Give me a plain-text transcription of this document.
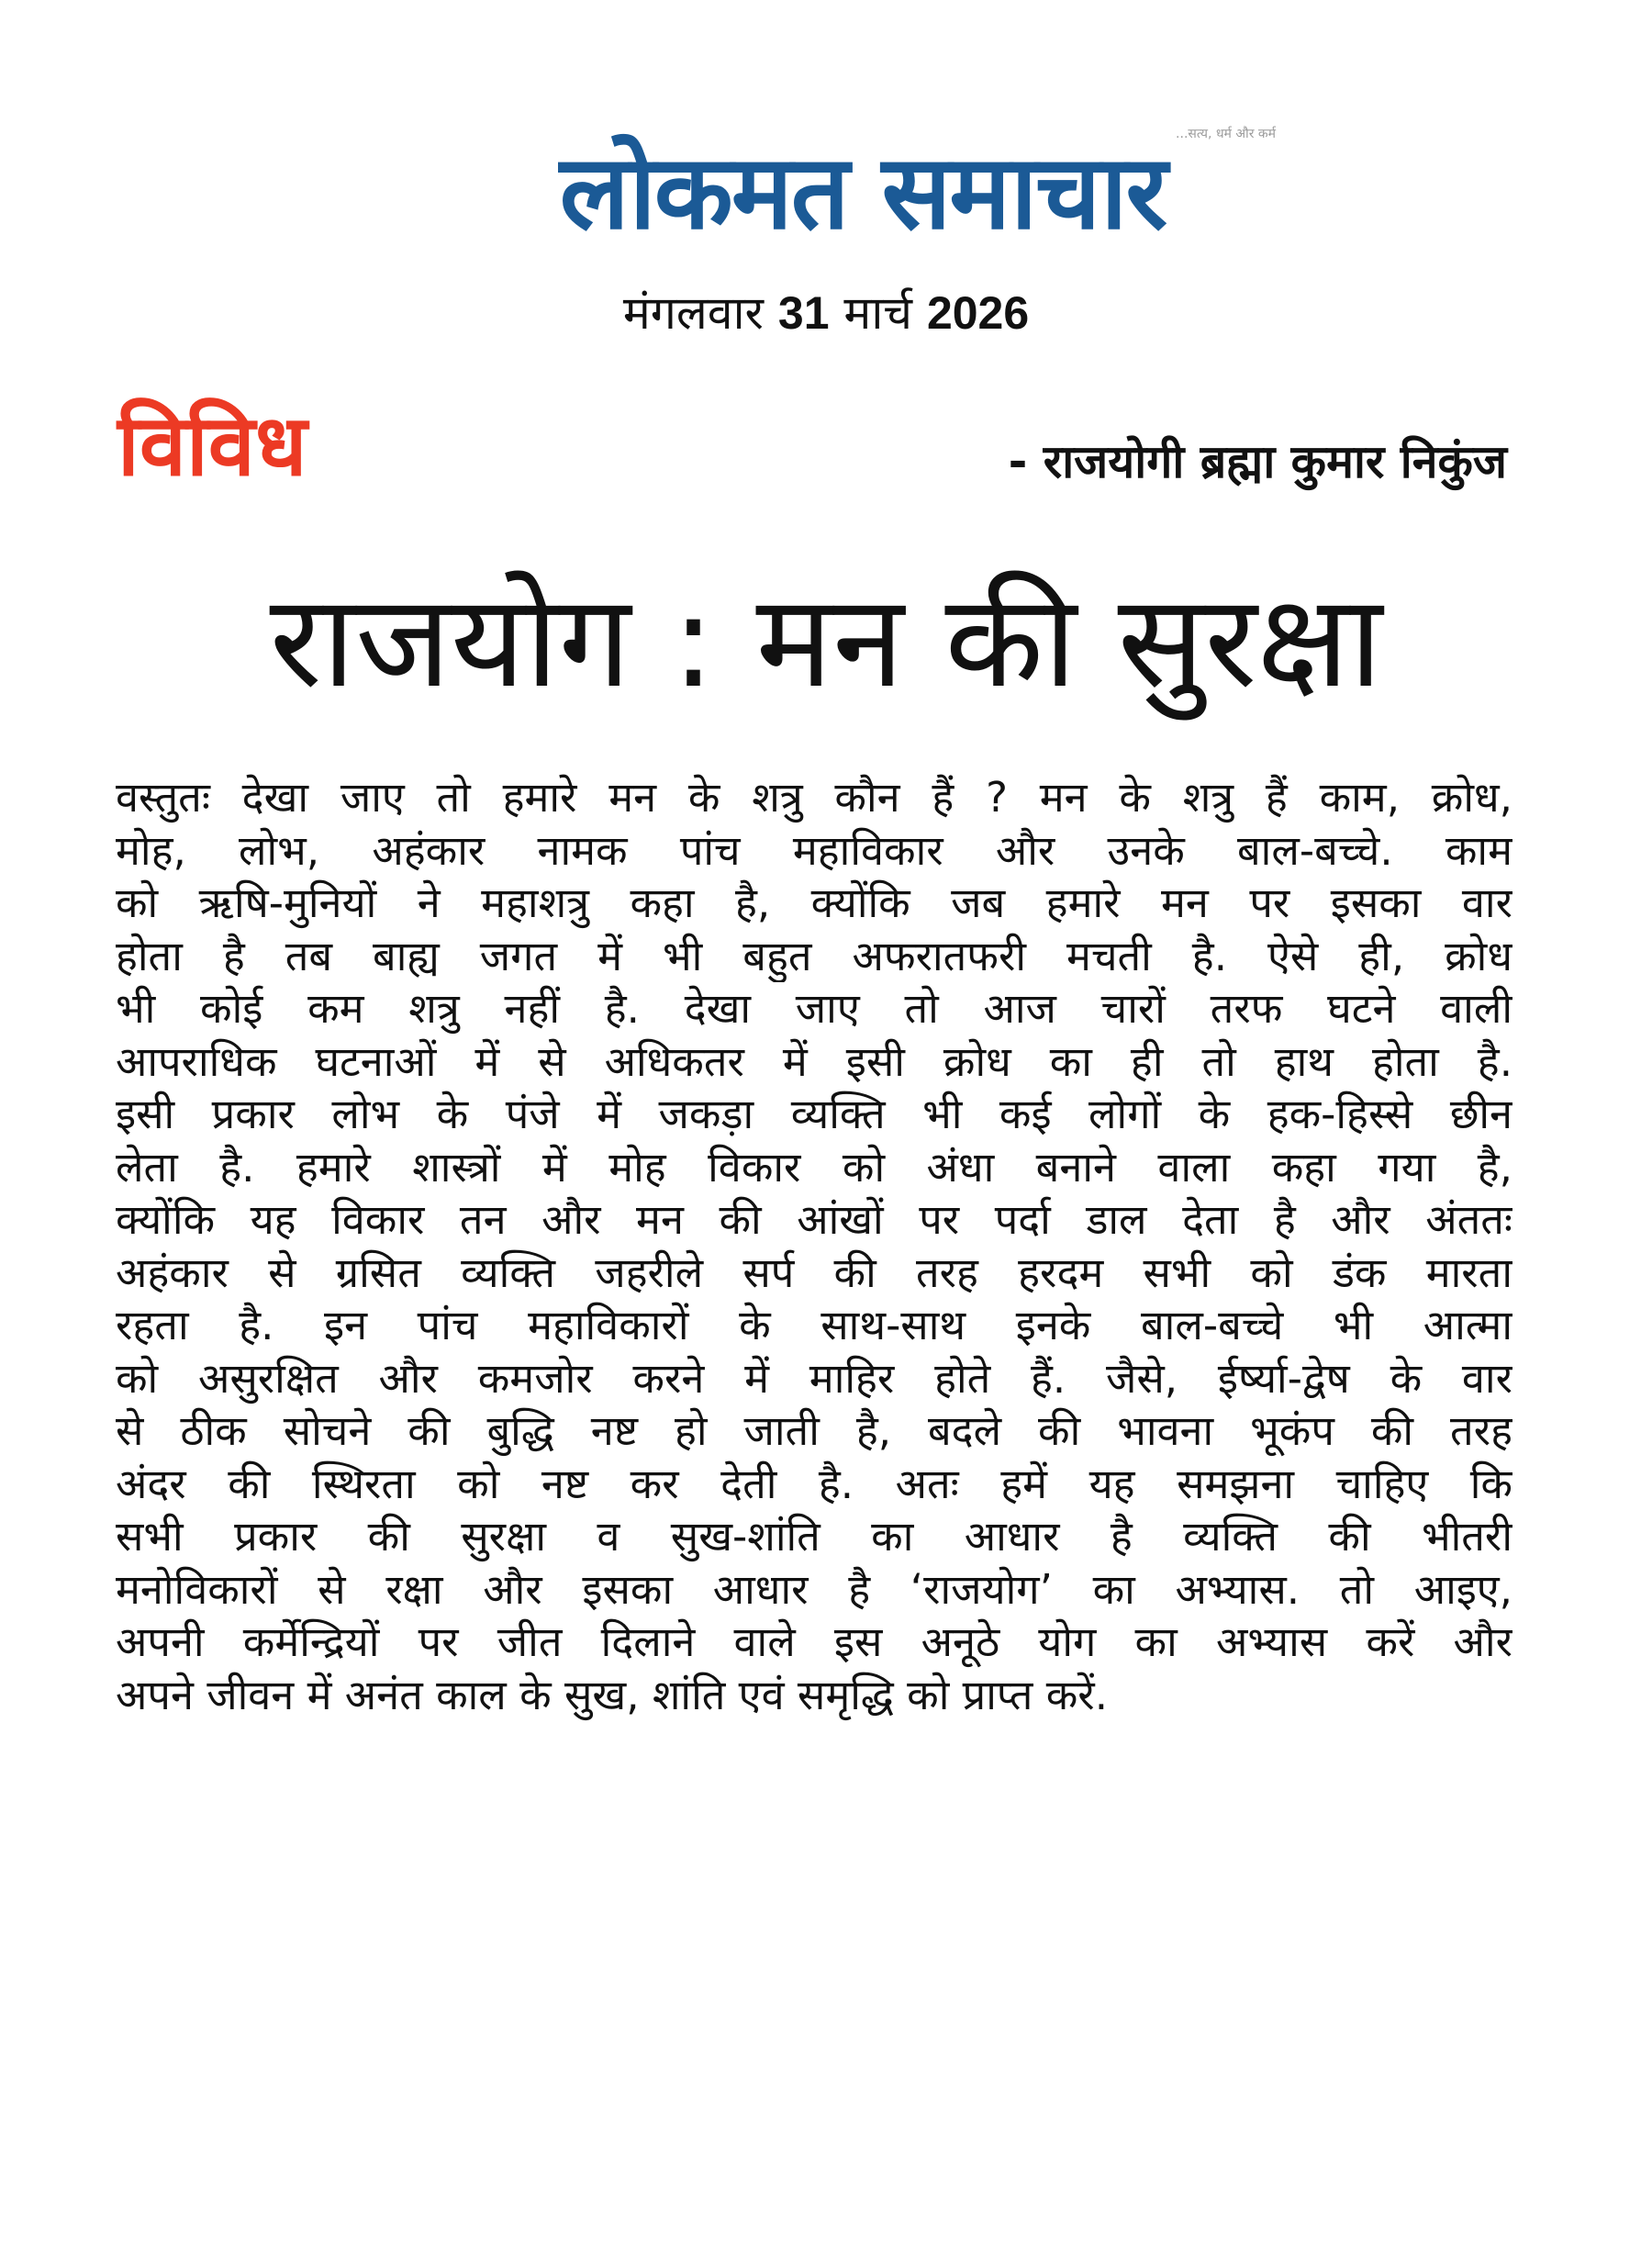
...सत्य, धर्म और कर्म
लोकमत समाचार
मंगलवार 31 मार्च 2026
विविध	- राजयोगी ब्रह्मा कुमार निकुंज
राजयोग : मन की सुरक्षा
वस्तुतः देखा जाए तो हमारे मन के शत्रु कौन हैं ? मन के शत्रु हैं काम, क्रोध,
मोह, लोभ, अहंकार नामक पांच महाविकार और उनके बाल-बच्चे. काम
को ऋषि-मुनियों ने महाशत्रु कहा है, क्योंकि जब हमारे मन पर इसका वार
होता है तब बाह्य जगत में भी बहुत अफरातफरी मचती है. ऐसे ही, क्रोध
भी कोई कम शत्रु नहीं है. देखा जाए तो आज चारों तरफ घटने वाली
आपराधिक घटनाओं में से अधिकतर में इसी क्रोध का ही तो हाथ होता है.
इसी प्रकार लोभ के पंजे में जकड़ा व्यक्ति भी कई लोगों के हक-हिस्से छीन
लेता है. हमारे शास्त्रों में मोह विकार को अंधा बनाने वाला कहा गया है,
क्योंकि यह विकार तन और मन की आंखों पर पर्दा डाल देता है और अंततः
अहंकार से ग्रसित व्यक्ति जहरीले सर्प की तरह हरदम सभी को डंक मारता
रहता है. इन पांच महाविकारों के साथ-साथ इनके बाल-बच्चे भी आत्मा
को असुरक्षित और कमजोर करने में माहिर होते हैं. जैसे, ईर्ष्या-द्वेष के वार
से ठीक सोचने की बुद्धि नष्ट हो जाती है, बदले की भावना भूकंप की तरह
अंदर की स्थिरता को नष्ट कर देती है. अतः हमें यह समझना चाहिए कि
सभी प्रकार की सुरक्षा व सुख-शांति का आधार है व्यक्ति की भीतरी
मनोविकारों से रक्षा और इसका आधार है ‘राजयोग’ का अभ्यास. तो आइए,
अपनी कर्मेन्द्रियों पर जीत दिलाने वाले इस अनूठे योग का अभ्यास करें और
अपने जीवन में अनंत काल के सुख, शांति एवं समृद्धि को प्राप्त करें.
